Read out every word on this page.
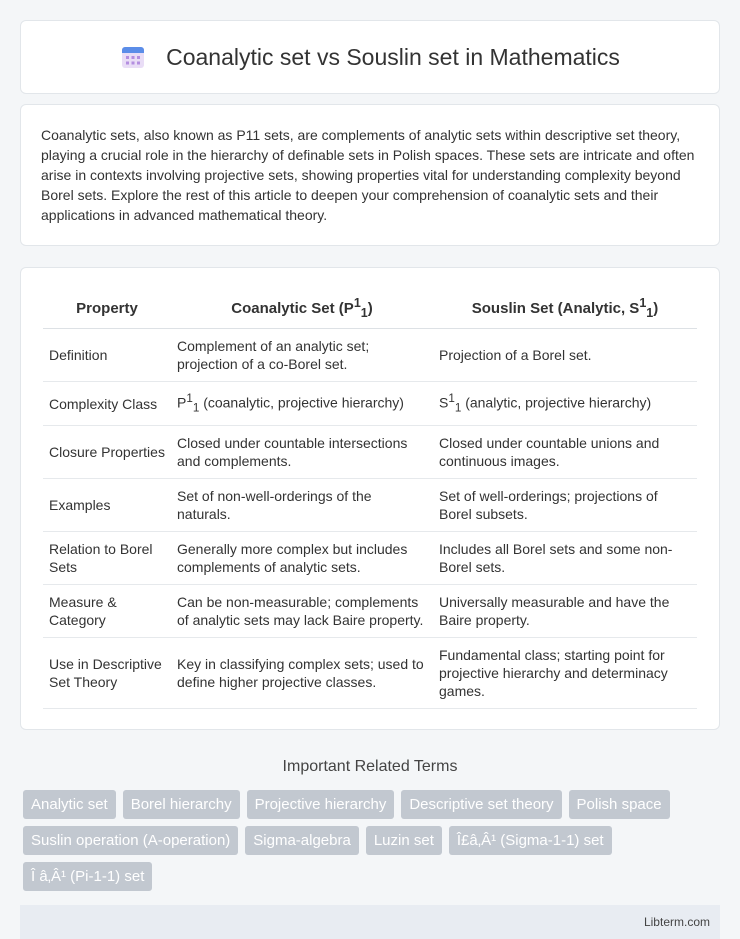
Coanalytic set vs Souslin set in Mathematics

Coanalytic sets, also known as P11 sets, are complements of analytic sets within descriptive set theory, playing a crucial role in the hierarchy of definable sets in Polish spaces. These sets are intricate and often arise in contexts involving projective sets, showing properties vital for understanding complexity beyond Borel sets. Explore the rest of this article to deepen your comprehension of coanalytic sets and their applications in advanced mathematical theory.

Property	Coanalytic Set $(P^1_1)$	Souslin Set (Analytic, $S^1_1$)
Definition	Complement of an analytic set; projection of a co-Borel set.	Projection of a Borel set.
Complexity Class	$P^1_1$ (coanalytic, projective hierarchy)	$S^1_1$ (analytic, projective hierarchy)
Closure Properties	Closed under countable intersections and complements.	Closed under countable unions and continuous images.
Examples	Set of non-well-orderings of the naturals.	Set of well-orderings; projections of Borel subsets.
Relation to Borel Sets	Generally more complex but includes complements of analytic sets.	Includes all Borel sets and some non-Borel sets.
Measure & Category	Can be non-measurable; complements of analytic sets may lack Baire property.	Universally measurable and have the Baire property.
Use in Descriptive Set Theory	Key in classifying complex sets; used to define higher projective classes.	Fundamental class; starting point for projective hierarchy and determinacy games.
Important Related Terms
Analytic set	Borel hierarchy	Projective hierarchy	Descriptive set theory	Polish space
Suslin operation (A-operation)	Sigma-algebra	Luzin set	Î£â‚Â¹ (Sigma-1-1) set
Î â‚Â¹ (Pi-1-1) set
Libterm.com
